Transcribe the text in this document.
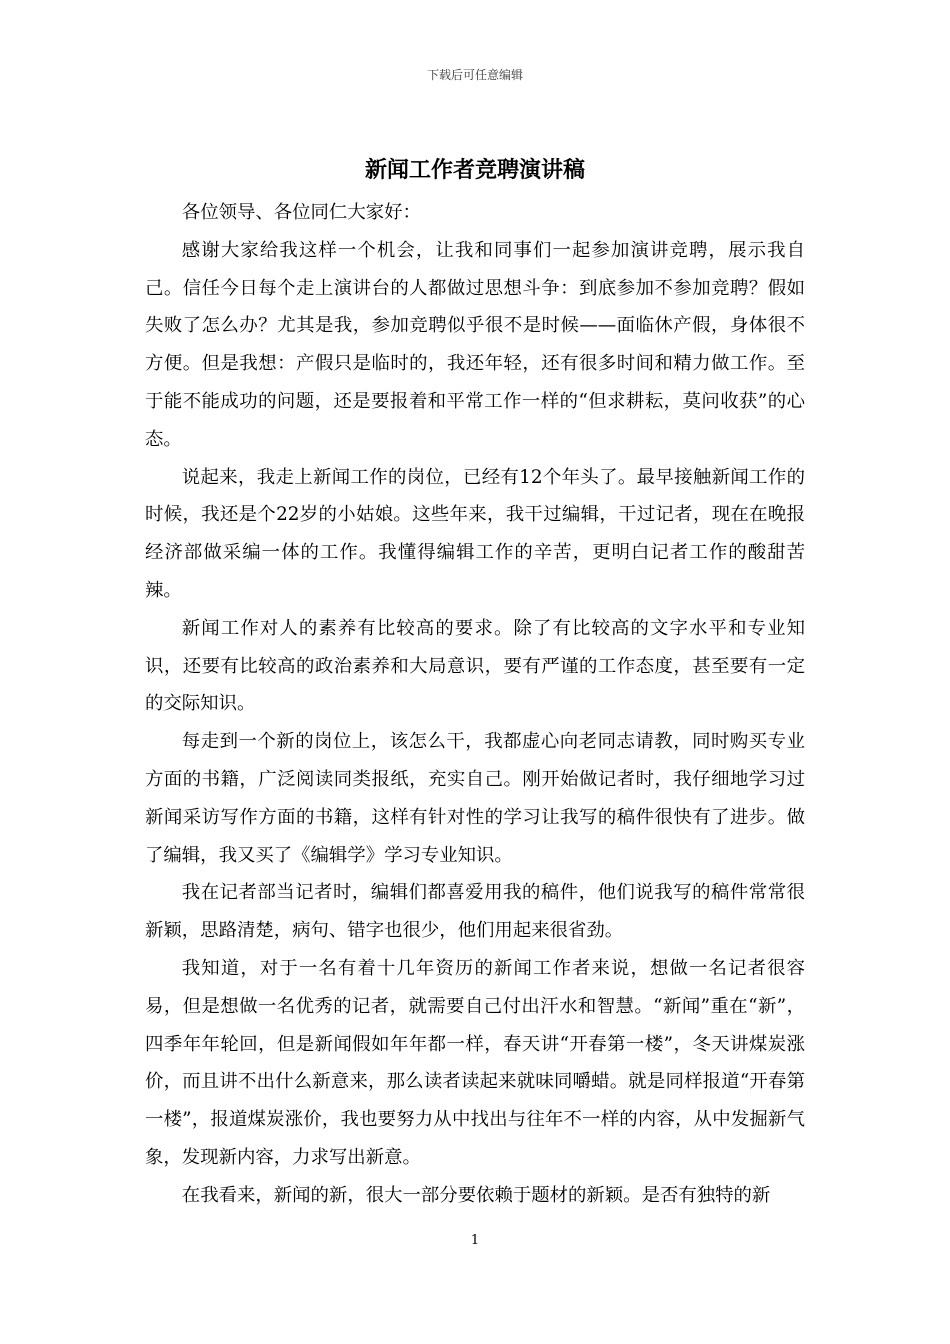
下载后可任意编辑
新闻工作者竞聘演讲稿

各位领导、各位同仁大家好：

感谢大家给我这样一个机会，让我和同事们一起参加演讲竞聘，展示我自己。信任今日每个走上演讲台的人都做过思想斗争：到底参加不参加竞聘？假如失败了怎么办？尤其是我，参加竞聘似乎很不是时候——面临休产假，身体很不方便。但是我想：产假只是临时的，我还年轻，还有很多时间和精力做工作。至于能不能成功的问题，还是要报着和平常工作一样的“但求耕耘，莫问收获”的心态。

说起来，我走上新闻工作的岗位，已经有12个年头了。最早接触新闻工作的时候，我还是个22岁的小姑娘。这些年来，我干过编辑，干过记者，现在在晚报经济部做采编一体的工作。我懂得编辑工作的辛苦，更明白记者工作的酸甜苦辣。

新闻工作对人的素养有比较高的要求。除了有比较高的文字水平和专业知识，还要有比较高的政治素养和大局意识，要有严谨的工作态度，甚至要有一定的交际知识。

每走到一个新的岗位上，该怎么干，我都虚心向老同志请教，同时购买专业方面的书籍，广泛阅读同类报纸，充实自己。刚开始做记者时，我仔细地学习过新闻采访写作方面的书籍，这样有针对性的学习让我写的稿件很快有了进步。做了编辑，我又买了《编辑学》学习专业知识。

我在记者部当记者时，编辑们都喜爱用我的稿件，他们说我写的稿件常常很新颖，思路清楚，病句、错字也很少，他们用起来很省劲。

我知道，对于一名有着十几年资历的新闻工作者来说，想做一名记者很容易，但是想做一名优秀的记者，就需要自己付出汗水和智慧。“新闻”重在“新”，四季年年轮回，但是新闻假如年年都一样，春天讲“开春第一楼”，冬天讲煤炭涨价，而且讲不出什么新意来，那么读者读起来就味同嚼蜡。就是同样报道“开春第一楼”，报道煤炭涨价，我也要努力从中找出与往年不一样的内容，从中发掘新气象，发现新内容，力求写出新意。

在我看来，新闻的新，很大一部分要依赖于题材的新颖。是否有独特的新

1
